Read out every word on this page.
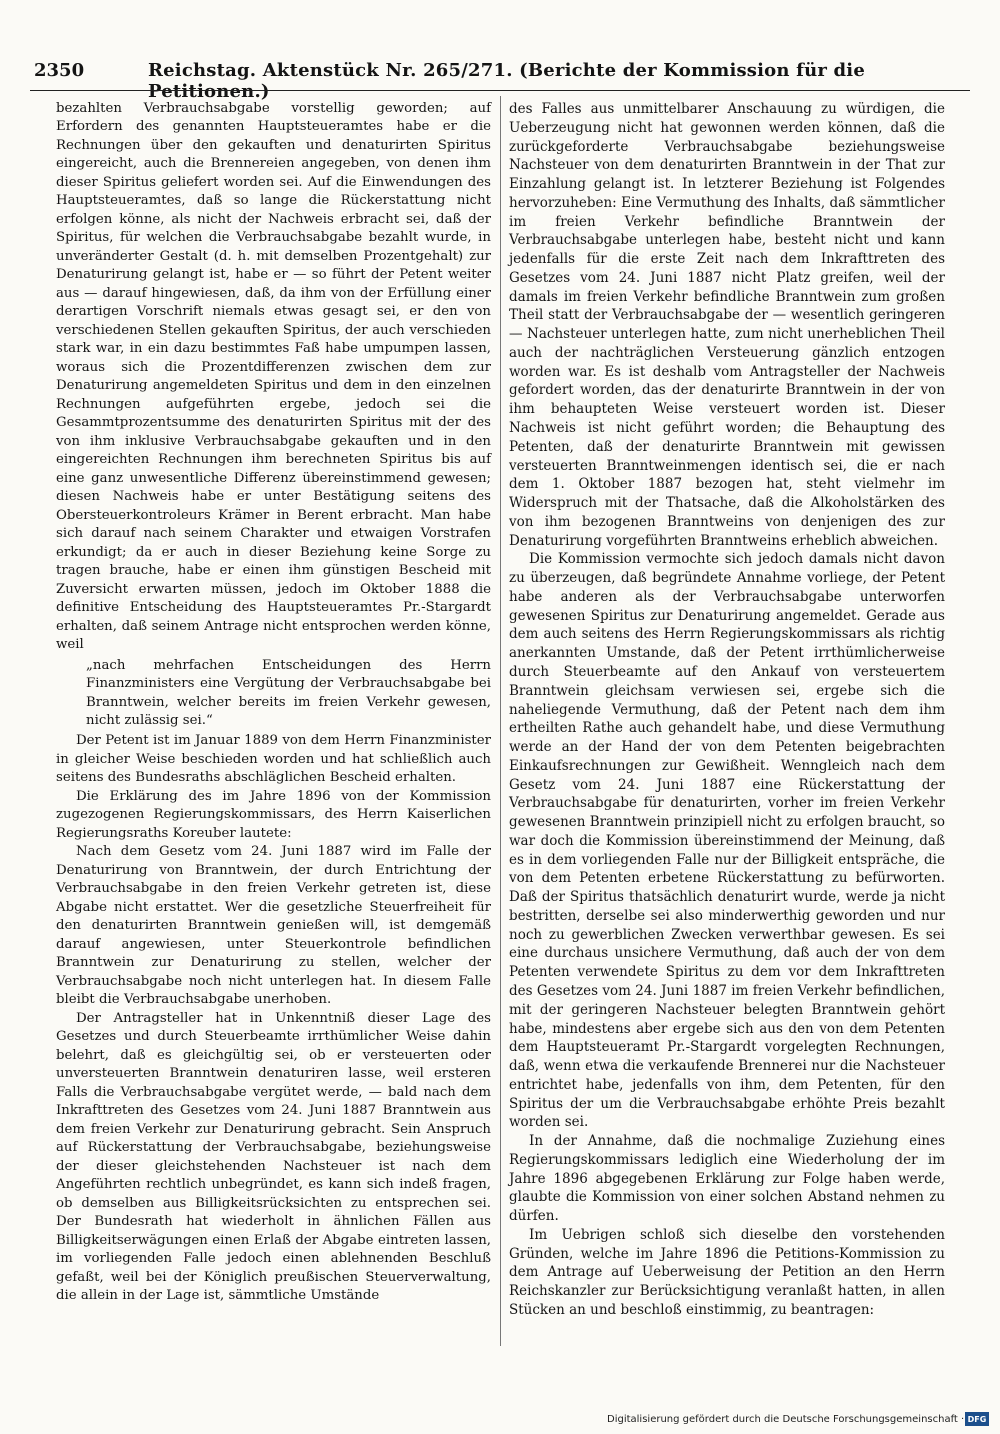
2350	Reichstag. Aktenstück Nr. 265/271. (Berichte der Kommission für die Petitionen.)

bezahlten Verbrauchsabgabe vorstellig geworden; auf Erfordern des genannten Hauptsteueramtes habe er die Rechnungen über den gekauften und denaturirten Spiritus eingereicht, auch die Brennereien angegeben, von denen ihm dieser Spiritus geliefert worden sei. Auf die Einwendungen des Hauptsteueramtes, daß so lange die Rückerstattung nicht erfolgen könne, als nicht der Nachweis erbracht sei, daß der Spiritus, für welchen die Verbrauchsabgabe bezahlt wurde, in unveränderter Gestalt (d. h. mit demselben Prozentgehalt) zur Denaturirung gelangt ist, habe er — so führt der Petent weiter aus — darauf hingewiesen, daß, da ihm von der Erfüllung einer derartigen Vorschrift niemals etwas gesagt sei, er den von verschiedenen Stellen gekauften Spiritus, der auch verschieden stark war, in ein dazu bestimmtes Faß habe umpumpen lassen, woraus sich die Prozentdifferenzen zwischen dem zur Denaturirung angemeldeten Spiritus und dem in den einzelnen Rechnungen aufgeführten ergebe, jedoch sei die Gesammtprozentsumme des denaturirten Spiritus mit der des von ihm inklusive Verbrauchsabgabe gekauften und in den eingereichten Rechnungen ihm berechneten Spiritus bis auf eine ganz unwesentliche Differenz übereinstimmend gewesen; diesen Nachweis habe er unter Bestätigung seitens des Obersteuerkontroleurs Krämer in Berent erbracht. Man habe sich darauf nach seinem Charakter und etwaigen Vorstrafen erkundigt; da er auch in dieser Beziehung keine Sorge zu tragen brauche, habe er einen ihm günstigen Bescheid mit Zuversicht erwarten müssen, jedoch im Oktober 1888 die definitive Entscheidung des Hauptsteueramtes Pr.-Stargardt erhalten, daß seinem Antrage nicht entsprochen werden könne, weil

„nach mehrfachen Entscheidungen des Herrn Finanzministers eine Vergütung der Verbrauchsabgabe bei Branntwein, welcher bereits im freien Verkehr gewesen, nicht zulässig sei.“

Der Petent ist im Januar 1889 von dem Herrn Finanzminister in gleicher Weise beschieden worden und hat schließlich auch seitens des Bundesraths abschläglichen Bescheid erhalten.

Die Erklärung des im Jahre 1896 von der Kommission zugezogenen Regierungskommissars, des Herrn Kaiserlichen Regierungsraths Koreuber lautete:

Nach dem Gesetz vom 24. Juni 1887 wird im Falle der Denaturirung von Branntwein, der durch Entrichtung der Verbrauchsabgabe in den freien Verkehr getreten ist, diese Abgabe nicht erstattet. Wer die gesetzliche Steuerfreiheit für den denaturirten Branntwein genießen will, ist demgemäß darauf angewiesen, unter Steuerkontrole befindlichen Branntwein zur Denaturirung zu stellen, welcher der Verbrauchsabgabe noch nicht unterlegen hat. In diesem Falle bleibt die Verbrauchsabgabe unerhoben.

Der Antragsteller hat in Unkenntniß dieser Lage des Gesetzes und durch Steuerbeamte irrthümlicher Weise dahin belehrt, daß es gleichgültig sei, ob er versteuerten oder unversteuerten Branntwein denaturiren lasse, weil ersteren Falls die Verbrauchsabgabe vergütet werde, — bald nach dem Inkrafttreten des Gesetzes vom 24. Juni 1887 Branntwein aus dem freien Verkehr zur Denaturirung gebracht. Sein Anspruch auf Rückerstattung der Verbrauchsabgabe, beziehungsweise der dieser gleichstehenden Nachsteuer ist nach dem Angeführten rechtlich unbegründet, es kann sich indeß fragen, ob demselben aus Billigkeitsrücksichten zu entsprechen sei. Der Bundesrath hat wiederholt in ähnlichen Fällen aus Billigkeitserwägungen einen Erlaß der Abgabe eintreten lassen, im vorliegenden Falle jedoch einen ablehnenden Beschluß gefaßt, weil bei der Königlich preußischen Steuerverwaltung, die allein in der Lage ist, sämmtliche Umstände

des Falles aus unmittelbarer Anschauung zu würdigen, die Ueberzeugung nicht hat gewonnen werden können, daß die zurückgeforderte Verbrauchsabgabe beziehungsweise Nachsteuer von dem denaturirten Branntwein in der That zur Einzahlung gelangt ist. In letzterer Beziehung ist Folgendes hervorzuheben: Eine Vermuthung des Inhalts, daß sämmtlicher im freien Verkehr befindliche Branntwein der Verbrauchsabgabe unterlegen habe, besteht nicht und kann jedenfalls für die erste Zeit nach dem Inkrafttreten des Gesetzes vom 24. Juni 1887 nicht Platz greifen, weil der damals im freien Verkehr befindliche Branntwein zum großen Theil statt der Verbrauchsabgabe der — wesentlich geringeren — Nachsteuer unterlegen hatte, zum nicht unerheblichen Theil auch der nachträglichen Versteuerung gänzlich entzogen worden war. Es ist deshalb vom Antragsteller der Nachweis gefordert worden, das der denaturirte Branntwein in der von ihm behaupteten Weise versteuert worden ist. Dieser Nachweis ist nicht geführt worden; die Behauptung des Petenten, daß der denaturirte Branntwein mit gewissen versteuerten Branntweinmengen identisch sei, die er nach dem 1. Oktober 1887 bezogen hat, steht vielmehr im Widerspruch mit der Thatsache, daß die Alkoholstärken des von ihm bezogenen Branntweins von denjenigen des zur Denaturirung vorgeführten Branntweins erheblich abweichen.

Die Kommission vermochte sich jedoch damals nicht davon zu überzeugen, daß begründete Annahme vorliege, der Petent habe anderen als der Verbrauchsabgabe unterworfen gewesenen Spiritus zur Denaturirung angemeldet. Gerade aus dem auch seitens des Herrn Regierungskommissars als richtig anerkannten Umstande, daß der Petent irrthümlicherweise durch Steuerbeamte auf den Ankauf von versteuertem Branntwein gleichsam verwiesen sei, ergebe sich die naheliegende Vermuthung, daß der Petent nach dem ihm ertheilten Rathe auch gehandelt habe, und diese Vermuthung werde an der Hand der von dem Petenten beigebrachten Einkaufsrechnungen zur Gewißheit. Wenngleich nach dem Gesetz vom 24. Juni 1887 eine Rückerstattung der Verbrauchsabgabe für denaturirten, vorher im freien Verkehr gewesenen Branntwein prinzipiell nicht zu erfolgen braucht, so war doch die Kommission übereinstimmend der Meinung, daß es in dem vorliegenden Falle nur der Billigkeit entspräche, die von dem Petenten erbetene Rückerstattung zu befürworten. Daß der Spiritus thatsächlich denaturirt wurde, werde ja nicht bestritten, derselbe sei also minderwerthig geworden und nur noch zu gewerblichen Zwecken verwerthbar gewesen. Es sei eine durchaus unsichere Vermuthung, daß auch der von dem Petenten verwendete Spiritus zu dem vor dem Inkrafttreten des Gesetzes vom 24. Juni 1887 im freien Verkehr befindlichen, mit der geringeren Nachsteuer belegten Branntwein gehört habe, mindestens aber ergebe sich aus den von dem Petenten dem Hauptsteueramt Pr.-Stargardt vorgelegten Rechnungen, daß, wenn etwa die verkaufende Brennerei nur die Nachsteuer entrichtet habe, jedenfalls von ihm, dem Petenten, für den Spiritus der um die Verbrauchsabgabe erhöhte Preis bezahlt worden sei.

In der Annahme, daß die nochmalige Zuziehung eines Regierungskommissars lediglich eine Wiederholung der im Jahre 1896 abgegebenen Erklärung zur Folge haben werde, glaubte die Kommission von einer solchen Abstand nehmen zu dürfen.

Im Uebrigen schloß sich dieselbe den vorstehenden Gründen, welche im Jahre 1896 die Petitions-Kommission zu dem Antrage auf Ueberweisung der Petition an den Herrn Reichskanzler zur Berücksichtigung veranlaßt hatten, in allen Stücken an und beschloß einstimmig, zu beantragen:

Digitalisierung gefördert durch die Deutsche Forschungsgemeinschaft · DFG
